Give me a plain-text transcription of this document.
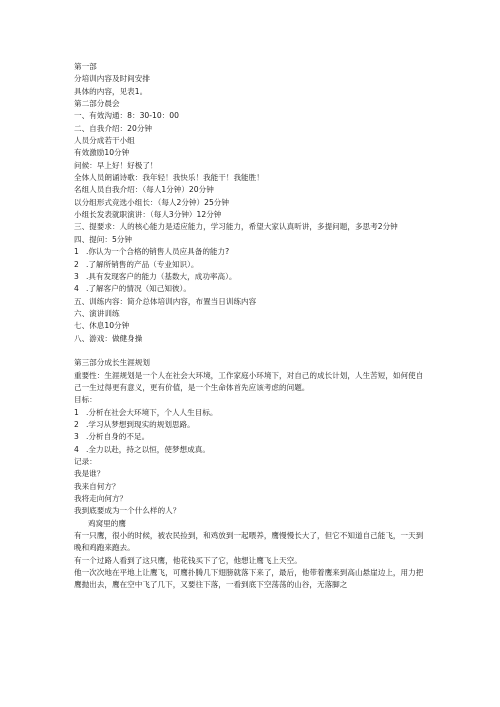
第一部
分培训内容及时间安排
具体的内容，见表1。
第二部分晨会
一、有效沟通：8：30-10：00
二、自我介绍：20分钟
人员分成若干小组
有效激励10分钟
问候：早上好！好极了！
全体人员朗诵诗歌：我年轻！我快乐！我能干！我能胜！
名组人员自我介绍：（每人1分钟）20分钟
以分组形式竞选小组长：（每人2分钟）25分钟
小组长发表就职演讲：（每人3分钟）12分钟
三、提要求：人的核心能力是适应能力，学习能力，希望大家认真听讲，多提问题，多思考2分钟
四、提问：5分钟
1 .你认为一个合格的销售人员应具备的能力?
2 .了解所销售的产品（专业知识）。
3 .具有发现客户的能力（基数大，成功率高）。
4 .了解客户的情况（知己知彼）。
五、训练内容：简介总体培训内容，布置当日训练内容
六、演讲训练
七、休息10分钟
八、游戏：做健身操
第三部分成长生涯规划
重要性：生涯规划是一个人在社会大环境，工作家庭小环境下，对自己的成长计划，人生苦短，如何使自己一生过得更有意义，更有价值，是一个生命体首先应该考虑的问题。
目标：
1 .分析在社会大环境下，个人人生目标。
2 .学习从梦想到现实的规划思路。
3 .分析自身的不足。
4 .全力以赴，持之以恒，使梦想成真。
记录：
我是谁？
我来自何方？
我将走向何方？
我到底要成为一个什么样的人？
鸡窝里的鹰
有一只鹰，很小的时候，被农民捡到，和鸡放到一起喂养，鹰慢慢长大了，但它不知道自己能飞，一天到晚和鸡跑来跑去。
有一个过路人看到了这只鹰，他花钱买下了它，他想让鹰飞上天空。
他一次次地在平地上让鹰飞，可鹰扑腾几下翅膀就落下来了，最后，他带着鹰来到高山悬崖边上，用力把鹰抛出去，鹰在空中飞了几下，又要往下落，一看到底下空荡荡的山谷，无落脚之
